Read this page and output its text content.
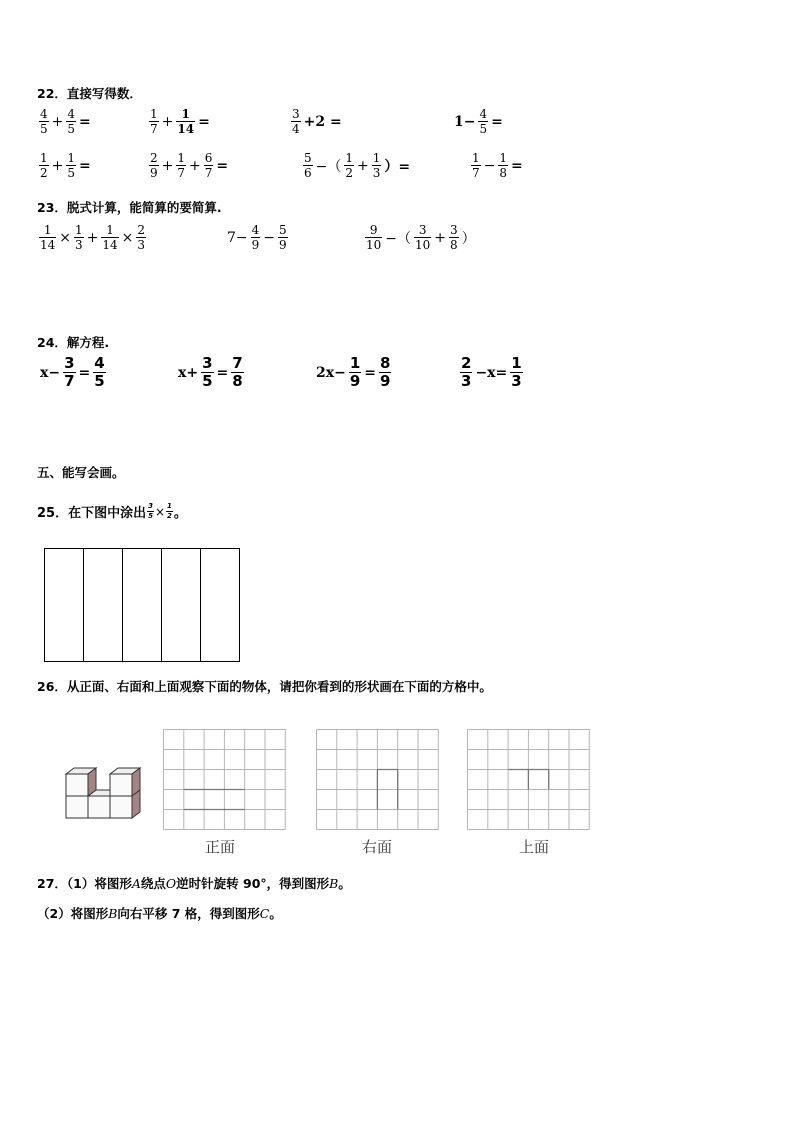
22．直接写得数．
$\frac{4}{5} + \frac{4}{5}$ =	$\frac{1}{7} + \frac{1}{14}$ =	$\frac{3}{4} +2$ =	$1- \frac{4}{5}$ =
$\frac{1}{2} + \frac{1}{5}$ =	$\frac{2}{9} + \frac{1}{7} + \frac{6}{7}$ =	$\frac{5}{6}$ −（ $\frac{1}{2} + \frac{1}{3}$ ）=	$\frac{1}{7} - \frac{1}{8}$ =
23．脱式计算，能简算的要简算.
$\frac{1}{14} \times \frac{1}{3} + \frac{1}{14} \times \frac{2}{3}$	$7- \frac{4}{9} - \frac{5}{9}$	$\frac{9}{10}$ −（ $\frac{3}{10} + \frac{3}{8}$ ）
24．解方程.
$x- \frac{3}{7} = \frac{4}{5}$	$x+ \frac{3}{5} = \frac{7}{8}$	$2x- \frac{1}{9} = \frac{8}{9}$	$\frac{2}{3} -x= \frac{1}{3}$
五、能写会画。
25．在下图中涂出 $\frac{3}{5} \times \frac{1}{2}$ 。
26．从正面、右面和上面观察下面的物体，请把你看到的形状画在下面的方格中。
正面	右面	上面
27．（1）将图形A绕点O逆时针旋转 90°，得到图形B。
（2）将图形B向右平移 7 格，得到图形C。
